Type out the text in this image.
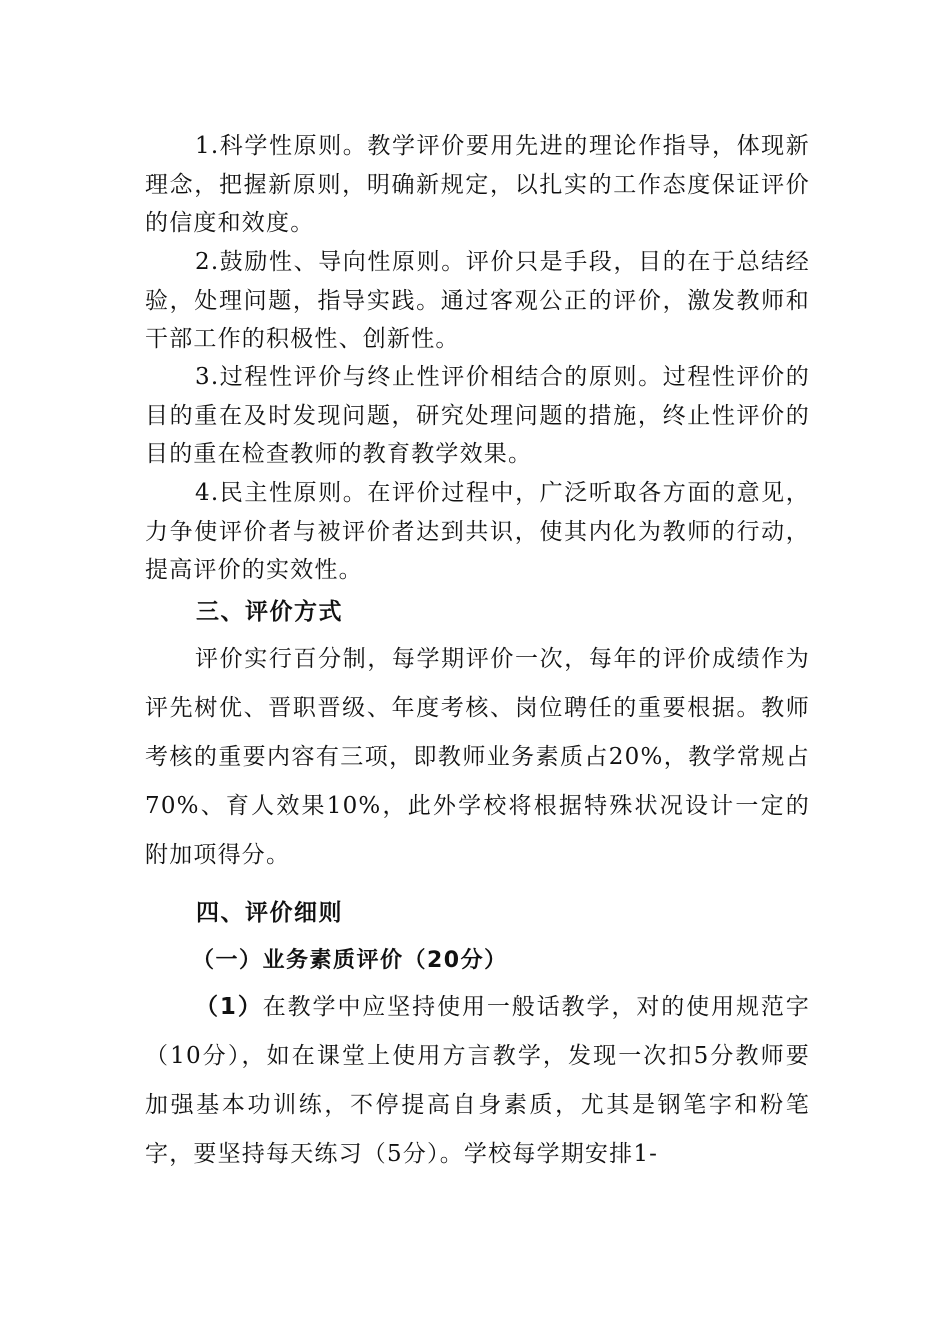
1.科学性原则。教学评价要用先进的理论作指导，体现新理念，把握新原则，明确新规定，以扎实的工作态度保证评价的信度和效度。

2.鼓励性、导向性原则。评价只是手段，目的在于总结经验，处理问题，指导实践。通过客观公正的评价，激发教师和干部工作的积极性、创新性。

3.过程性评价与终止性评价相结合的原则。过程性评价的目的重在及时发现问题，研究处理问题的措施，终止性评价的目的重在检查教师的教育教学效果。

4.民主性原则。在评价过程中，广泛听取各方面的意见，力争使评价者与被评价者达到共识，使其内化为教师的行动，提高评价的实效性。

三、评价方式

评价实行百分制，每学期评价一次，每年的评价成绩作为评先树优、晋职晋级、年度考核、岗位聘任的重要根据。教师考核的重要内容有三项，即教师业务素质占20%，教学常规占70%、育人效果10%，此外学校将根据特殊状况设计一定的附加项得分。

四、评价细则
（一）业务素质评价（20分）

（1）在教学中应坚持使用一般话教学，对的使用规范字（10分），如在课堂上使用方言教学，发现一次扣5分教师要加强基本功训练，不停提高自身素质，尤其是钢笔字和粉笔字，要坚持每天练习（5分）。学校每学期安排1-
